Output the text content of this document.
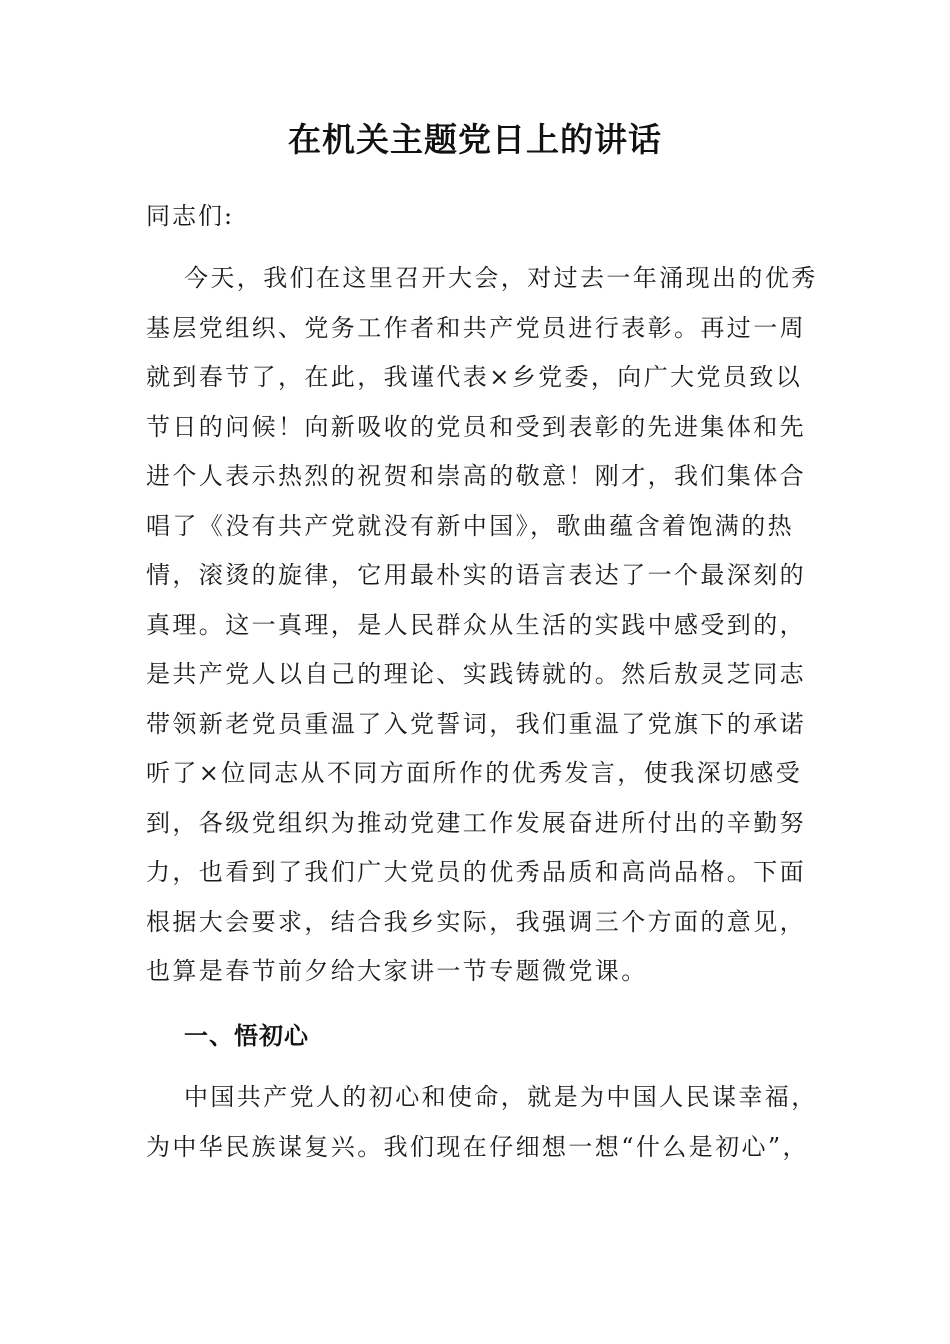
在机关主题党日上的讲话
同志们:
今天，我们在这里召开大会，对过去一年涌现出的优秀
基层党组织、党务工作者和共产党员进行表彰。再过一周
就到春节了，在此，我谨代表×乡党委，向广大党员致以
节日的问候！向新吸收的党员和受到表彰的先进集体和先
进个人表示热烈的祝贺和崇高的敬意！刚才，我们集体合
唱了《没有共产党就没有新中国》，歌曲蕴含着饱满的热
情，滚烫的旋律，它用最朴实的语言表达了一个最深刻的
真理。这一真理，是人民群众从生活的实践中感受到的，
是共产党人以自己的理论、实践铸就的。然后敖灵芝同志
带领新老党员重温了入党誓词，我们重温了党旗下的承诺
听了×位同志从不同方面所作的优秀发言，使我深切感受
到，各级党组织为推动党建工作发展奋进所付出的辛勤努
力，也看到了我们广大党员的优秀品质和高尚品格。下面
根据大会要求，结合我乡实际，我强调三个方面的意见，
也算是春节前夕给大家讲一节专题微党课。
一、悟初心
中国共产党人的初心和使命，就是为中国人民谋幸福，
为中华民族谋复兴。我们现在仔细想一想“什么是初心”，
